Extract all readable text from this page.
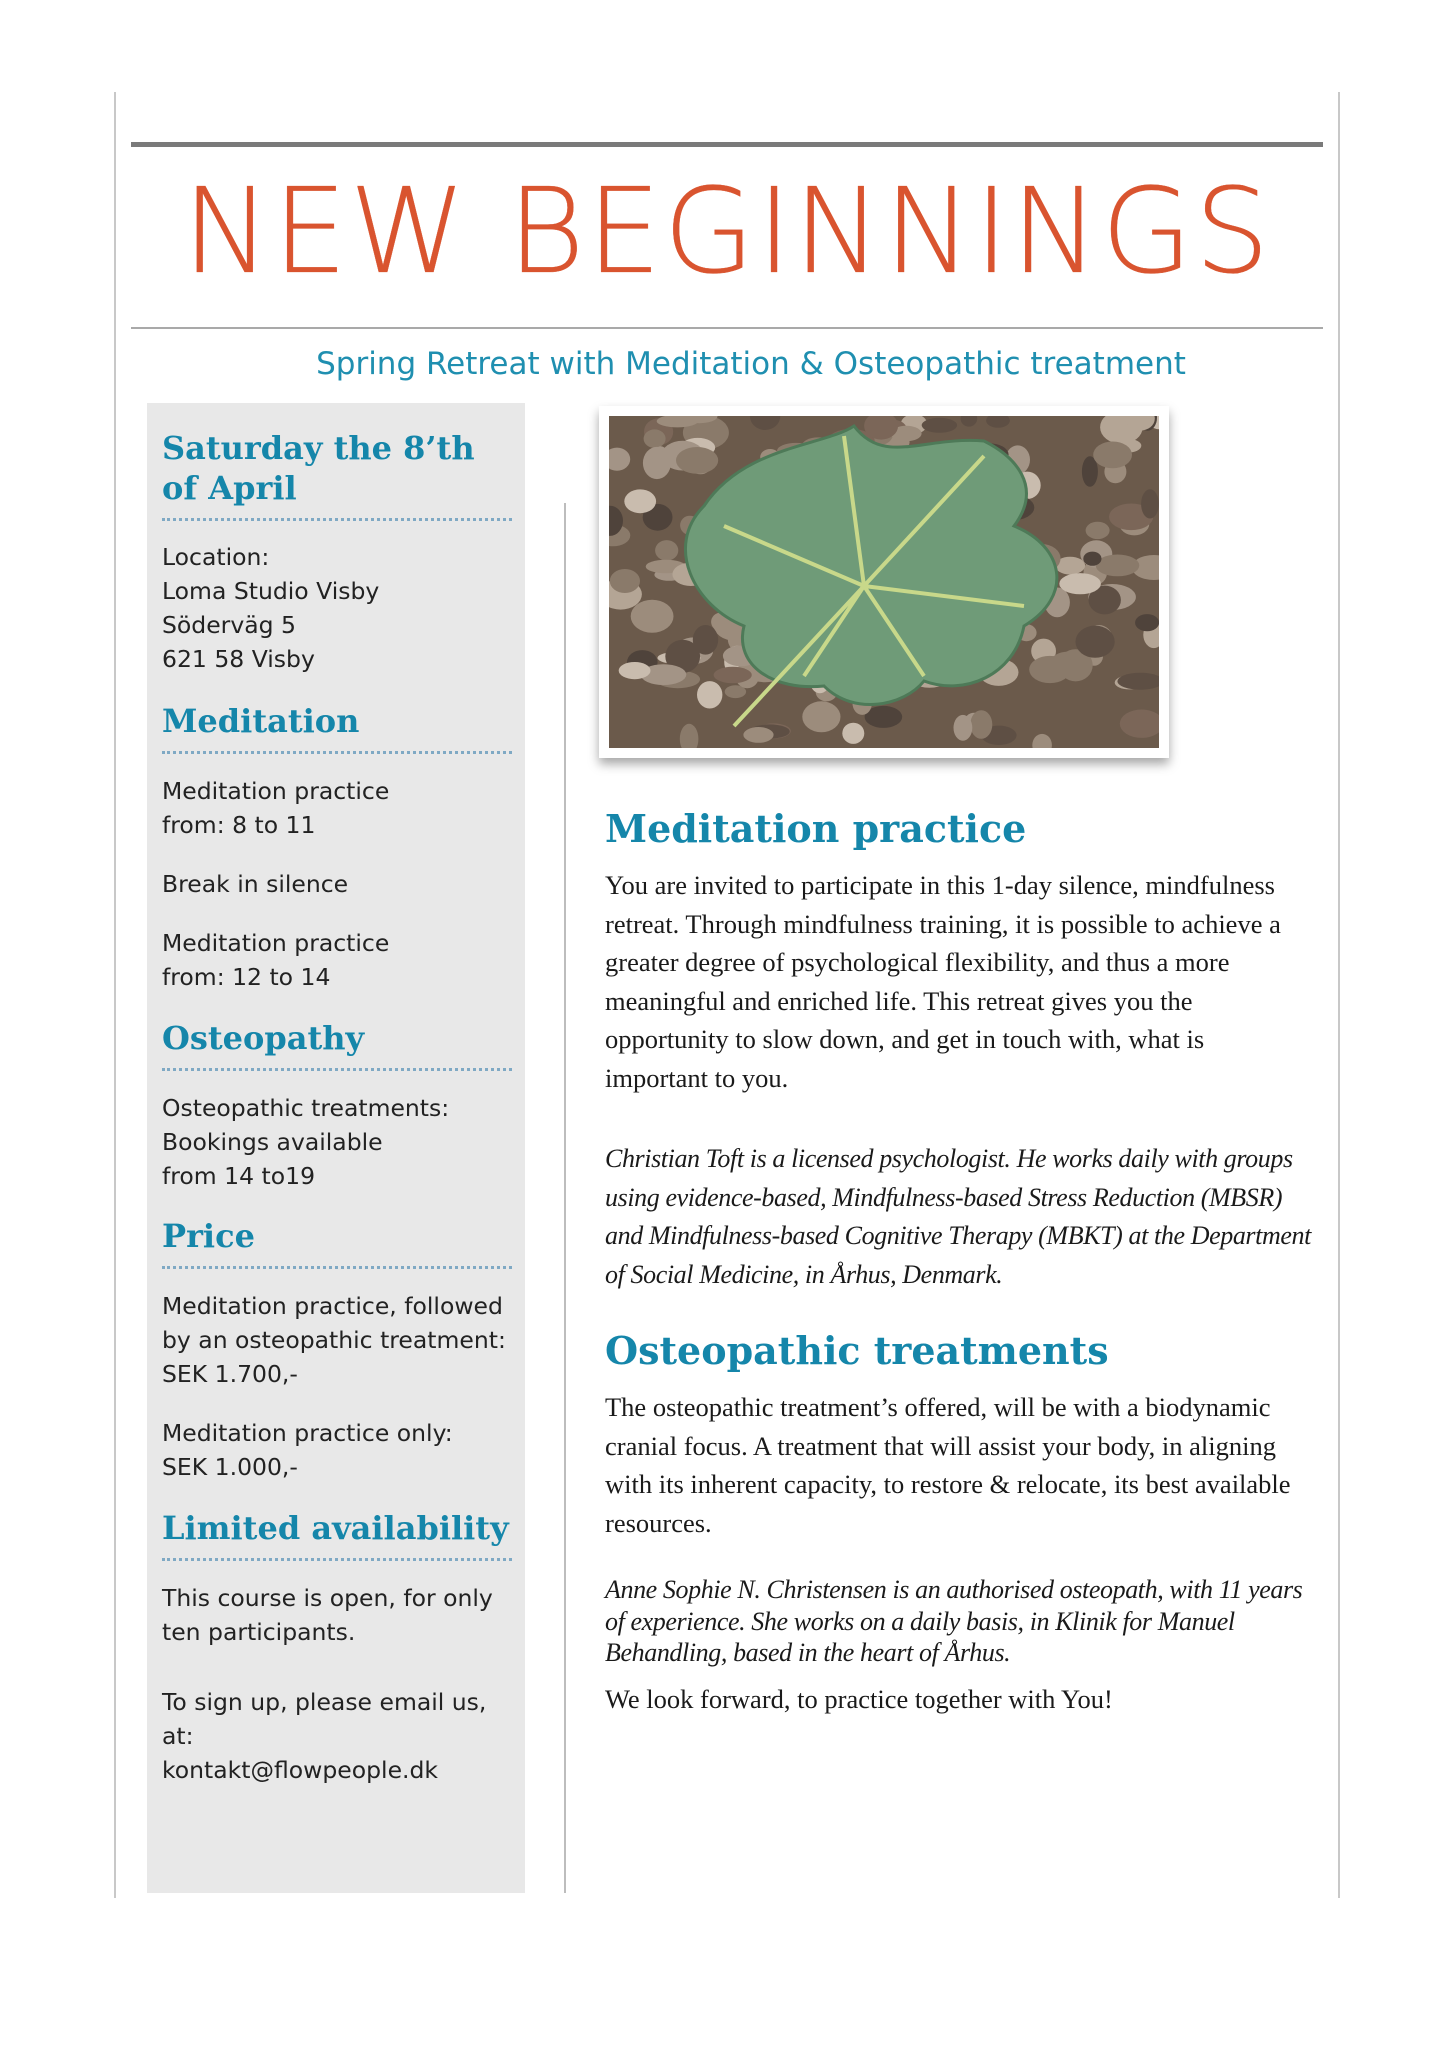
NEW BEGINNINGS
Spring Retreat with Meditation & Osteopathic treatment
Saturday the 8’th of April

Location:

Loma Studio Visby

Södervӓg 5

621 58 Visby

Meditation

Meditation practice

from: 8 to 11

Break in silence

Meditation practice

from: 12 to 14

Osteopathy

Osteopathic treatments:

Bookings available

from 14 to19

Price

Meditation practice, followed

by an osteopathic treatment:

SEK 1.700,-

Meditation practice only:

SEK 1.000,-

Limited availability

This course is open, for only

ten participants.

To sign up, please email us, at:

kontakt@flowpeople.dk

Meditation practice

You are invited to participate in this 1-day silence, mindfulness retreat. Through mindfulness training, it is possible to achieve a greater degree of psychological flexibility, and thus a more meaningful and enriched life. This retreat gives you the opportunity to slow down, and get in touch with, what is important to you.

Christian Toft is a licensed psychologist. He works daily with groups using evidence-based, Mindfulness-based Stress Reduction (MBSR) and Mindfulness-based Cognitive Therapy (MBKT) at the Department of Social Medicine, in Århus, Denmark.

Osteopathic treatments

The osteopathic treatment’s offered, will be with a biodynamic cranial focus. A treatment that will assist your body, in aligning with its inherent capacity, to restore & relocate, its best available resources.

Anne Sophie N. Christensen is an authorised osteopath, with 11 years of experience. She works on a daily basis, in Klinik for Manuel Behandling, based in the heart of Århus.

We look forward, to practice together with You!
